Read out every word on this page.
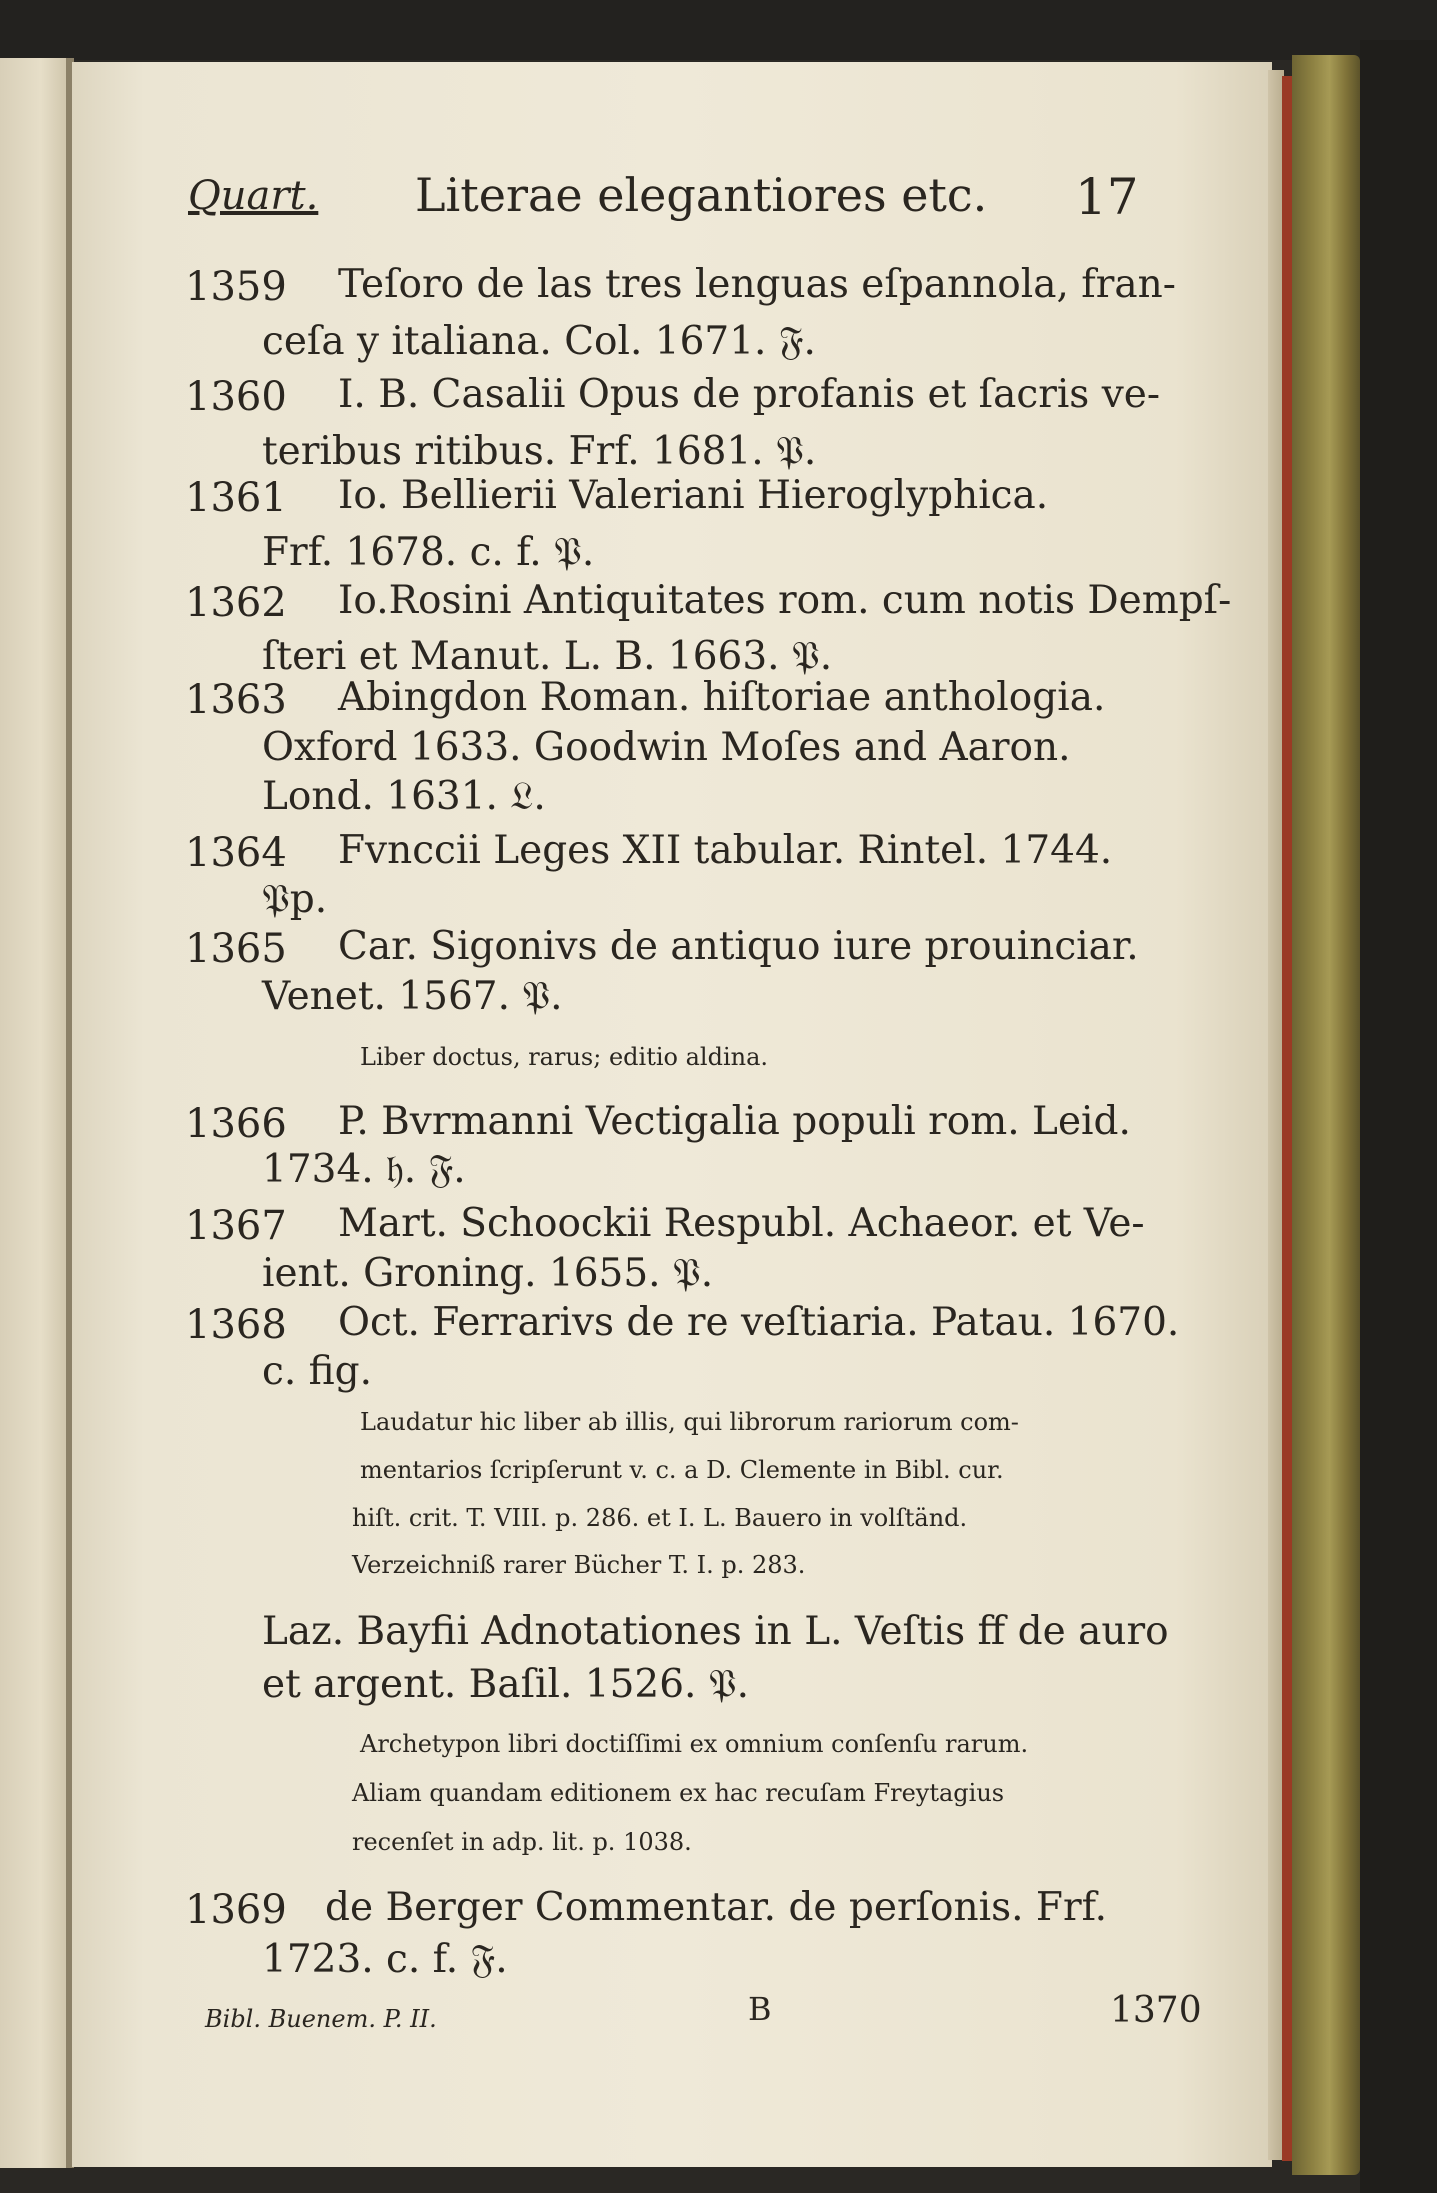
Quart. Literae elegantiores etc. 17
1359 Teſoro de las tres lenguas eſpannola, fran-
ceſa y italiana. Col. 1671. 𝔉.
1360 I. B. Casalii Opus de profanis et ſacris ve-
teribus ritibus. Frf. 1681. 𝔓.
1361 Io. Bellierii Valeriani Hieroglyphica.
Frf. 1678. c. f. 𝔓.
1362 Io.Rosini Antiquitates rom. cum notis Dempſ-
ſteri et Manut. L. B. 1663. 𝔓.
1363 Abingdon Roman. hiſtoriae anthologia.
Oxford 1633. Goodwin Moſes and Aaron.
Lond. 1631. 𝔏.
1364 Fvnccii Leges XII tabular. Rintel. 1744.
𝔓p.
1365 Car. Sigonivs de antiquo iure prouinciar.
Venet. 1567. 𝔓.
Liber doctus, rarus; editio aldina.
1366 P. Bvrmanni Vectigalia populi rom. Leid.
1734. 𝔥. 𝔉.
1367 Mart. Schoockii Respubl. Achaeor. et Ve-
ient. Groning. 1655. 𝔓.
1368 Oct. Ferrarivs de re veſtiaria. Patau. 1670.
c. fig.
Laudatur hic liber ab illis, qui librorum rariorum com-
mentarios ſcripſerunt v. c. a D. Clemente in Bibl. cur.
hiſt. crit. T. VIII. p. 286. et I. L. Bauero in volſtänd.
Verzeichniß rarer Bücher T. I. p. 283.
Laz. Bayfii Adnotationes in L. Veſtis ff de auro
et argent. Baſil. 1526. 𝔓.
Archetypon libri doctiſſimi ex omnium conſenſu rarum.
Aliam quandam editionem ex hac recuſam Freytagius
recenſet in adp. lit. p. 1038.
1369 de Berger Commentar. de perſonis. Frf.
1723. c. f. 𝔉.
Bibl. Buenem. P. II.	B	1370
